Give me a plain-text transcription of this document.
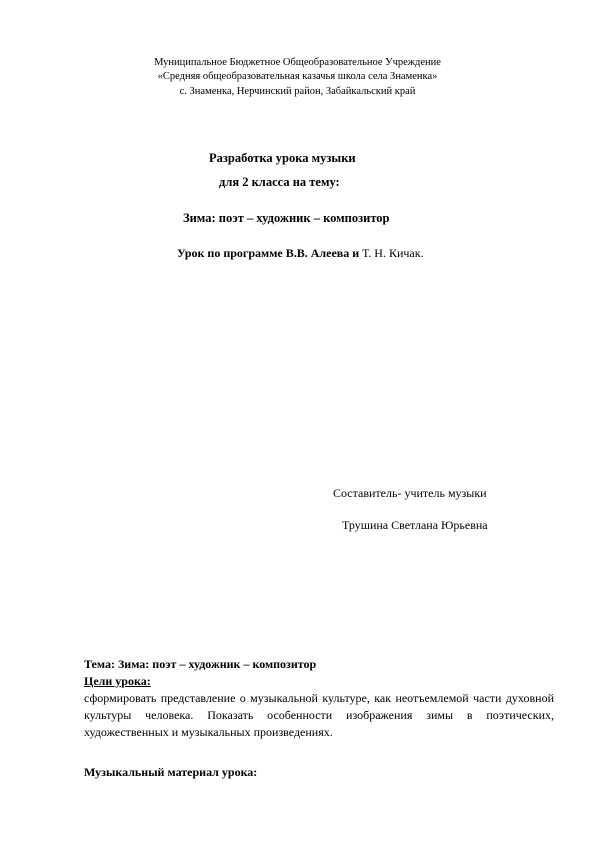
Муниципальное Бюджетное Общеобразовательное Учреждение
«Средняя общеобразовательная казачья школа села Знаменка»
с. Знаменка, Нерчинский район, Забайкальский край
Разработка урока музыки
для 2 класса на тему:
Зима: поэт – художник – композитор
Урок по программе В.В. Алеева и Т. Н. Кичак.
Составитель- учитель музыки
Трушина Светлана Юрьевна
Тема: Зима: поэт – художник – композитор
Цели урока:
сформировать представление о музыкальной культуре, как неотъемлемой части духовной культуры человека. Показать особенности изображения зимы в поэтических, художественных и музыкальных произведениях.
Музыкальный материал урока:
